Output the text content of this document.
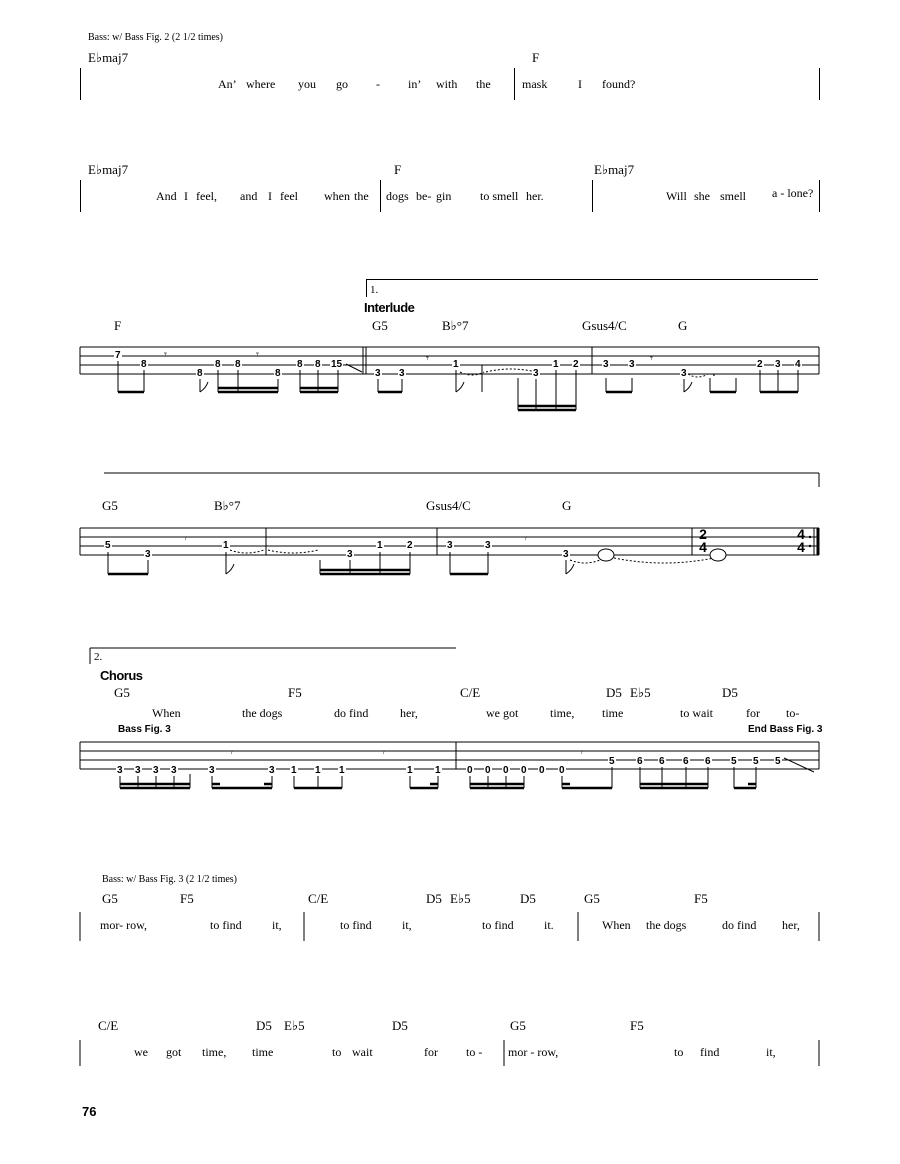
Bass: w/ Bass Fig. 2 (2 1/2 times)
E♭maj7	F
An’ where you go - in’ with the	mask	I found?
E♭maj7	F	E♭maj7
And I feel, and I feel when the dogs be- gin to smell her.	Will she smell a - lone?
1.
Interlude
F	G5	B♭°7	Gsus4/C	G
𝄾	𝄾	𝄾	𝄾
.
𝄾	𝄾
𝄾	𝄾	𝄾
7
8
8
8 8
8
8 8 15
3 3
1
3
1 2 3 3
3
2 3 4
G5	B♭°7	Gsus4/C	G
5
3
1
3
1 2	3	3
3
2
4
4
4
2.
Chorus
G5	F5	C/E	D5 E♭5	D5
When	the dogs	do find	her,	we got	time, time	to wait	for to-
Bass Fig. 3	End Bass Fig. 3
3 3 3 3	3	3 1 1 1	1 1	0 0 0 0 0 0
5 6 6 6 6 5 5 5
Bass: w/ Bass Fig. 3 (2 1/2 times)
G5	F5	C/E	D5 E♭5	D5	G5	F5
mor- row,	to find	it,	to find	it,	to find	it.	When the dogs	do find her,
C/E	D5 E♭5	D5	G5	F5
we got time, time	to wait	for to - mor - row,	to find	it,
76
